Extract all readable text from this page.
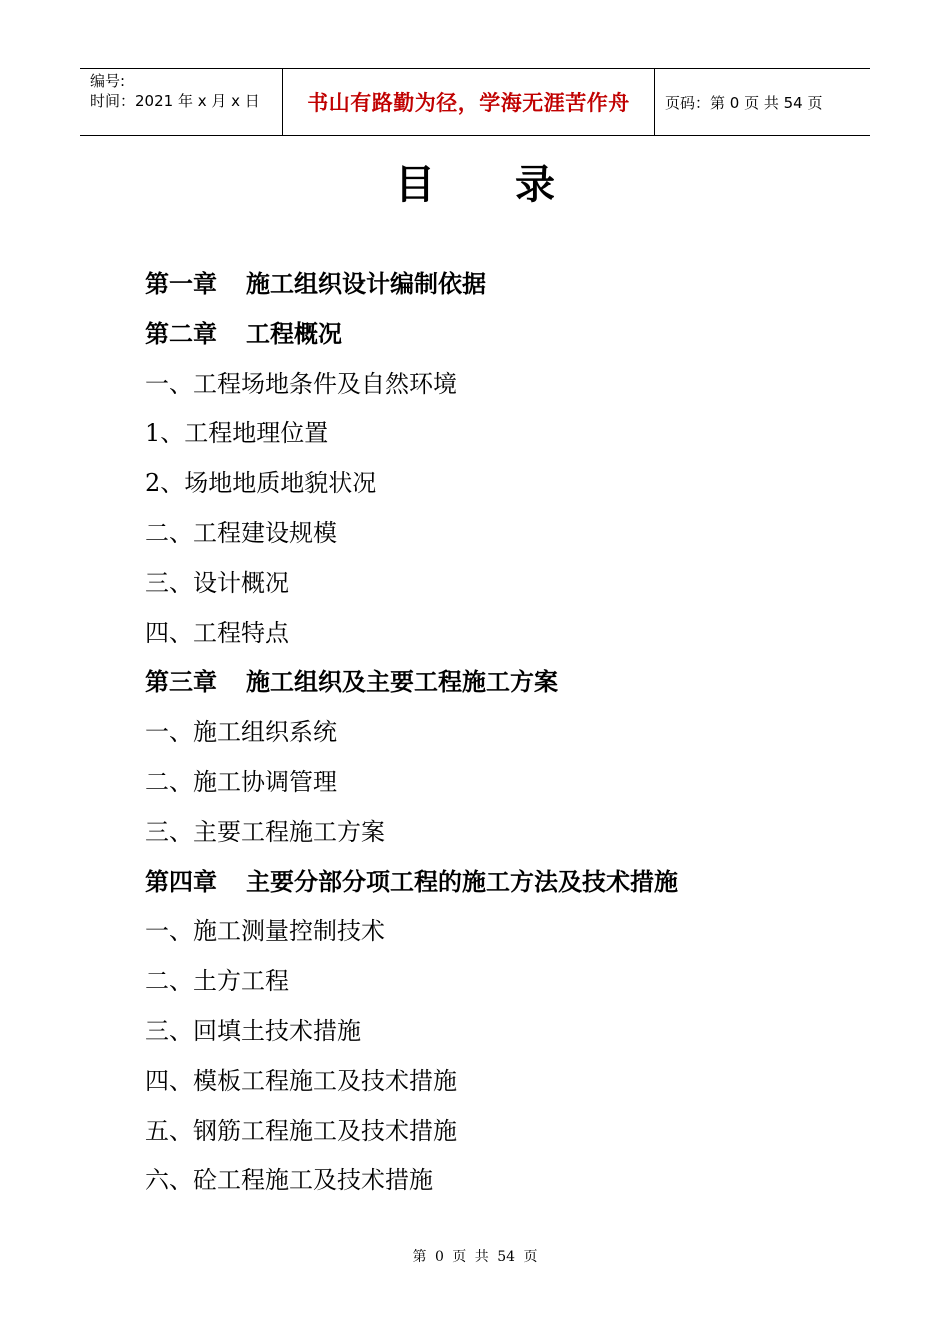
编号:
时间：2021 年 x 月 x 日	书山有路勤为径，学海无涯苦作舟	页码：第 0 页 共 54 页
目录
第一章 施工组织设计编制依据
第二章 工程概况
一、工程场地条件及自然环境
1、工程地理位置
2、场地地质地貌状况
二、工程建设规模
三、设计概况
四、工程特点
第三章 施工组织及主要工程施工方案
一、施工组织系统
二、施工协调管理
三、主要工程施工方案
第四章 主要分部分项工程的施工方法及技术措施
一、施工测量控制技术
二、土方工程
三、回填土技术措施
四、模板工程施工及技术措施
五、钢筋工程施工及技术措施
六、砼工程施工及技术措施
第 0 页 共 54 页
